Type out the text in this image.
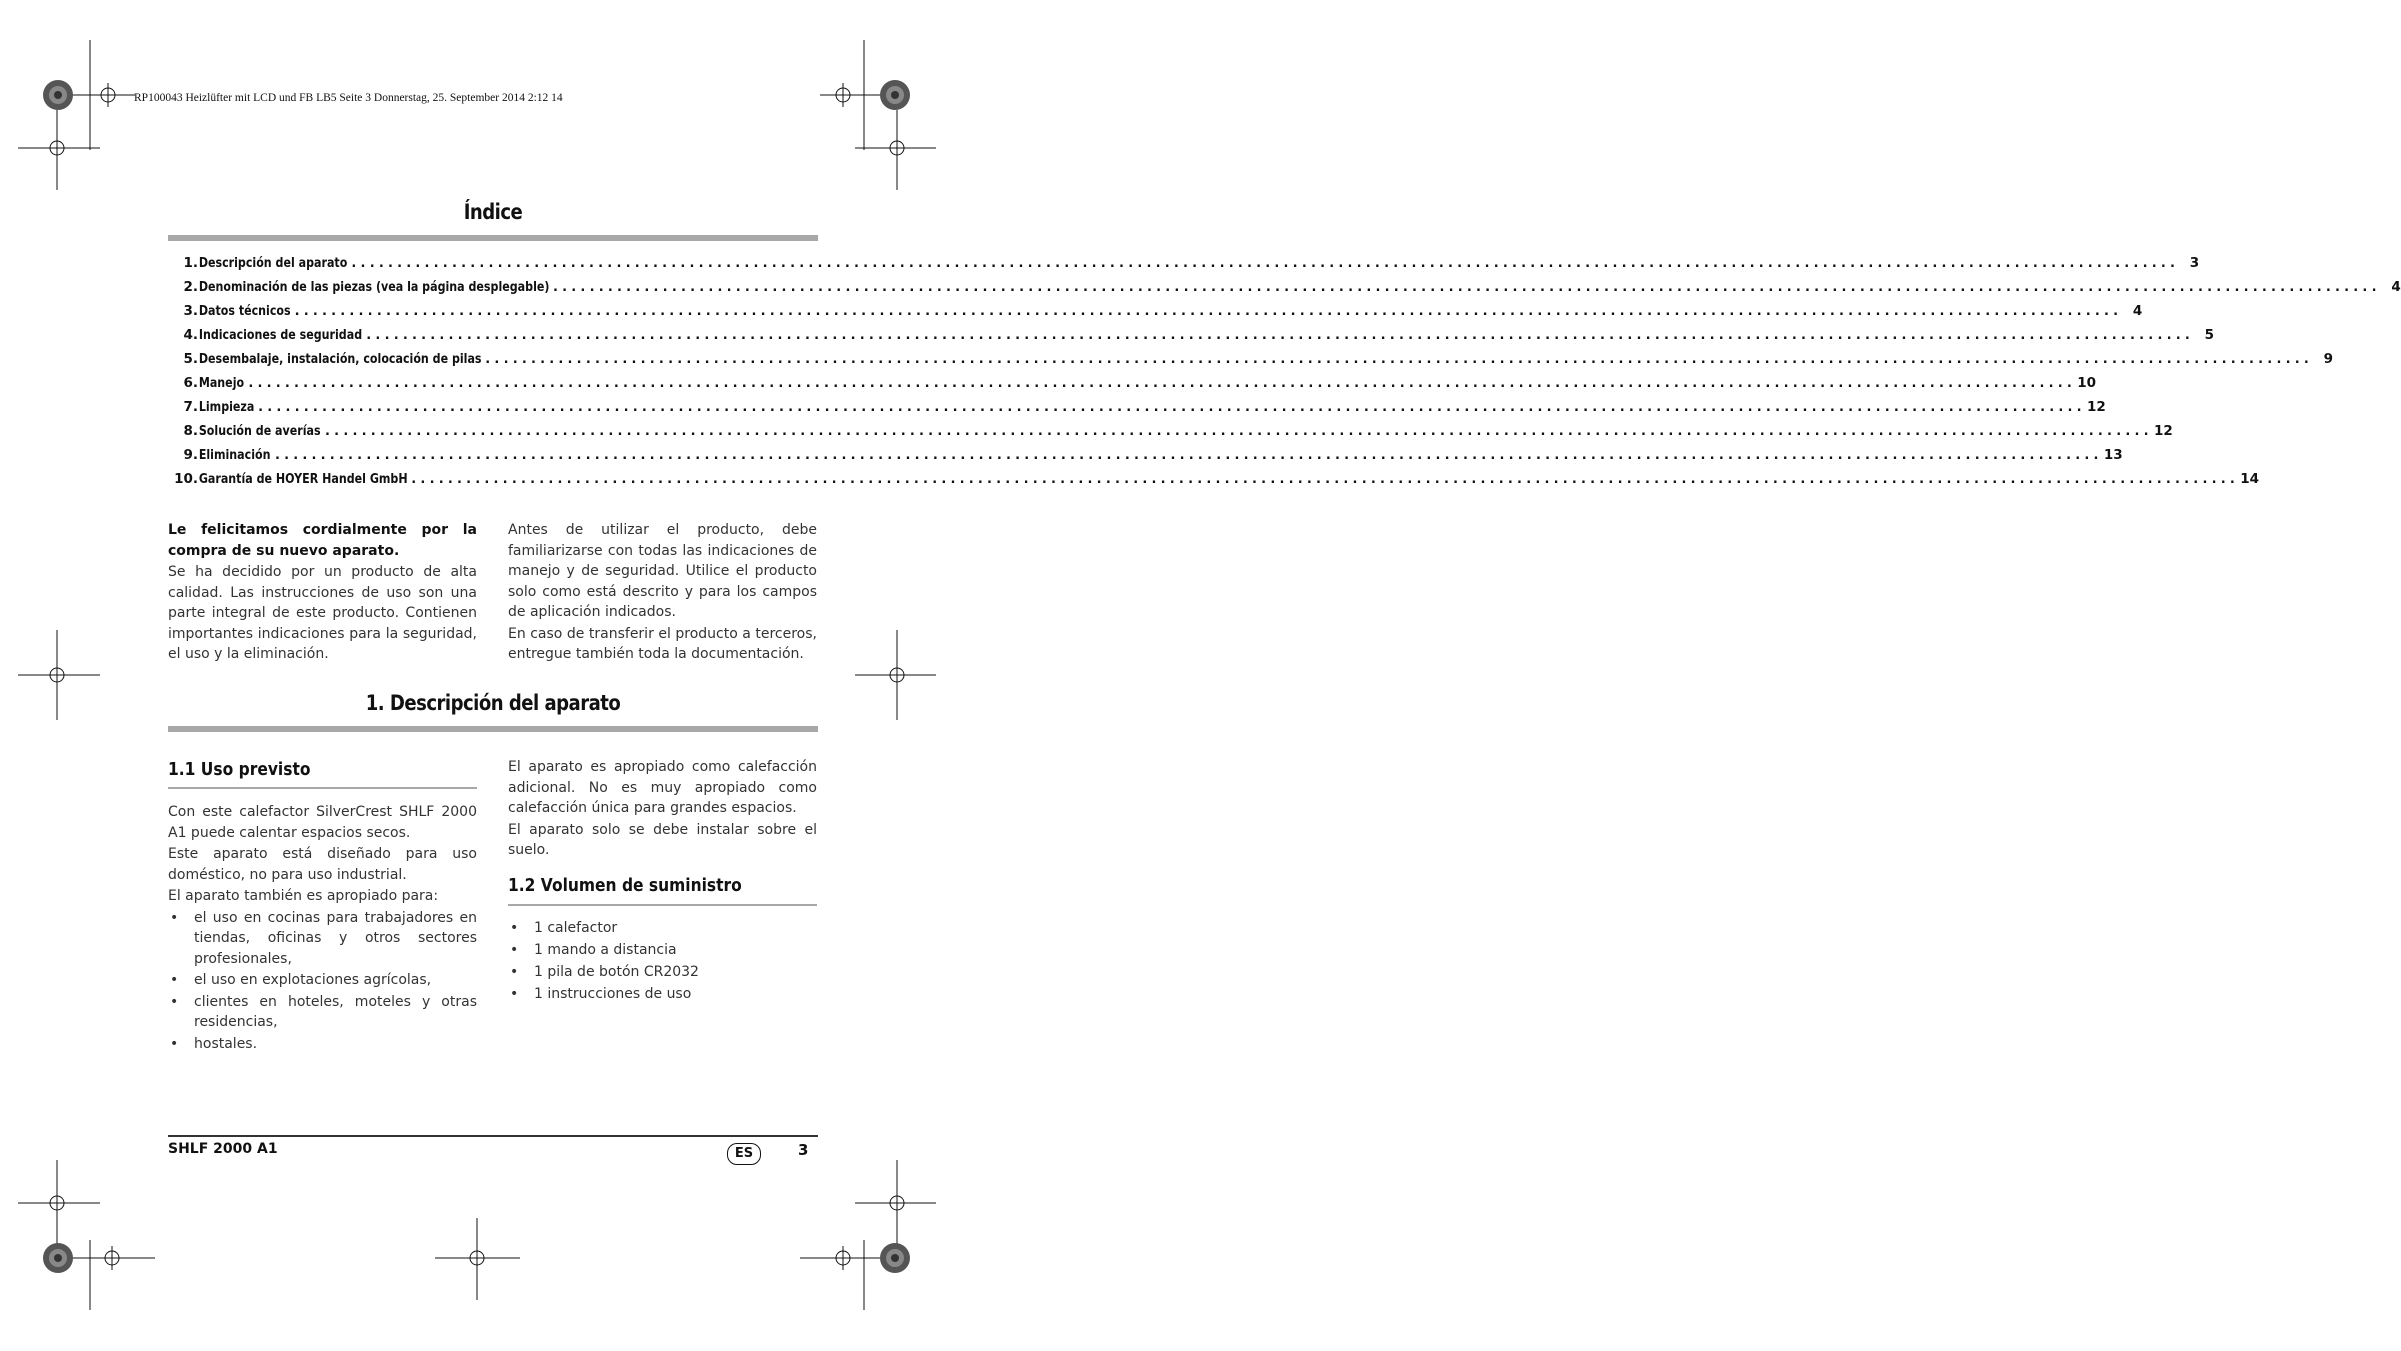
RP100043 Heizlüfter mit LCD und FB LB5 Seite 3 Donnerstag, 25. September 2014 2:12 14
Índice
1. Descripción del aparato ........................................................................................................................................................................................................ 3
2. Denominación de las piezas (vea la página desplegable) ........................................................................................................................................................................................................ 4
3. Datos técnicos ........................................................................................................................................................................................................ 4
4. Indicaciones de seguridad ........................................................................................................................................................................................................ 5
5. Desembalaje, instalación, colocación de pilas ........................................................................................................................................................................................................ 9
6. Manejo ........................................................................................................................................................................................................ 10
7. Limpieza ........................................................................................................................................................................................................ 12
8. Solución de averías ........................................................................................................................................................................................................ 12
9. Eliminación ........................................................................................................................................................................................................ 13
10. Garantía de HOYER Handel GmbH ........................................................................................................................................................................................................ 14

Le felicitamos cordialmente por la compra de su nuevo aparato.

Se ha decidido por un producto de alta calidad. Las instrucciones de uso son una parte integral de este producto. Contienen importantes indicaciones para la seguridad, el uso y la eliminación.

Antes de utilizar el producto, debe familiarizarse con todas las indicaciones de manejo y de seguridad. Utilice el producto solo como está descrito y para los campos de aplicación indicados.

En caso de transferir el producto a terceros, entregue también toda la documentación.

1. Descripción del aparato
1.1 Uso previsto

Con este calefactor SilverCrest SHLF 2000 A1 puede calentar espacios secos.

Este aparato está diseñado para uso doméstico, no para uso industrial.

El aparato también es apropiado para:

• el uso en cocinas para trabajadores en tiendas, oficinas y otros sectores profesionales,
• el uso en explotaciones agrícolas,
• clientes en hoteles, moteles y otras residencias,
• hostales.

El aparato es apropiado como calefacción adicional. No es muy apropiado como calefacción única para grandes espacios.

El aparato solo se debe instalar sobre el suelo.

1.2 Volumen de suministro
• 1 calefactor
• 1 mando a distancia
• 1 pila de botón CR2032
• 1 instrucciones de uso
SHLF 2000 A1	ES	3
